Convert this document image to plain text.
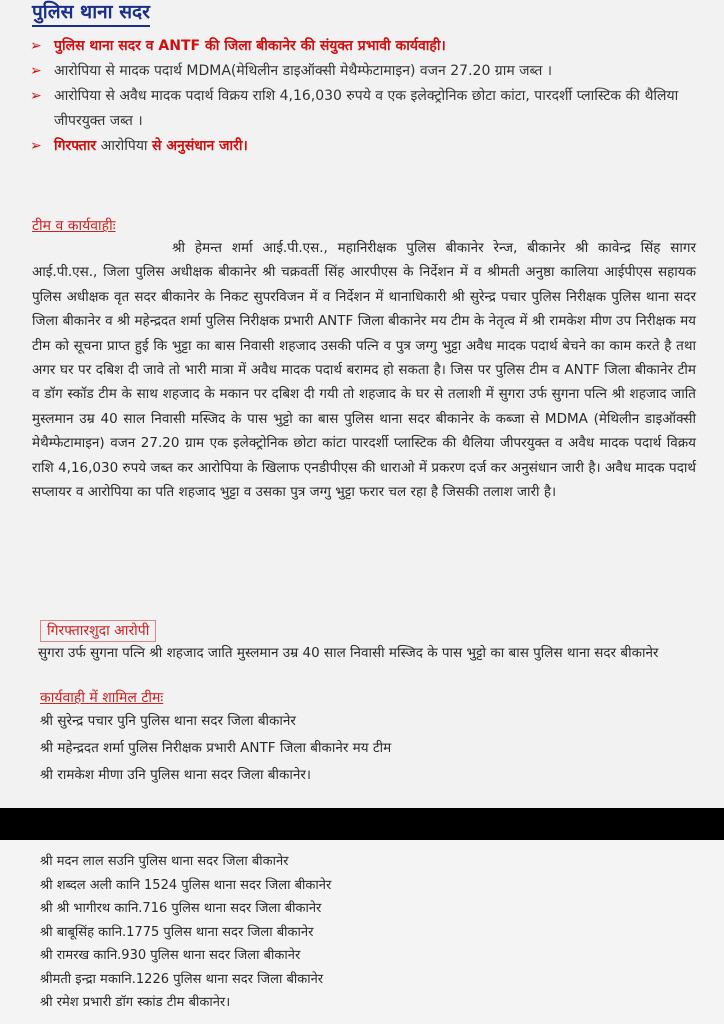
पुलिस थाना सदर
➢ पुलिस थाना सदर व ANTF की जिला बीकानेर की संयुक्त प्रभावी कार्यवाही।
➢ आरोपिया से मादक पदार्थ MDMA(मेथिलीन डाइऑक्सी मेथैम्फेटामाइन) वजन 27.20 ग्राम जब्त ।
➢ आरोपिया से अवैध मादक पदार्थ विक्रय राशि 4,16,030 रुपये व एक इलेक्ट्रोनिक छोटा कांटा, पारदर्शी प्लास्टिक की थैलिया जीपरयुक्त जब्त ।
➢ गिरफ्तार आरोपिया से अनुसंधान जारी।

टीम व कार्यवाहीः

श्री हेमन्त शर्मा आई.पी.एस., महानिरीक्षक पुलिस बीकानेर रेन्ज, बीकानेर श्री कावेन्द्र सिंह सागर आई.पी.एस., जिला पुलिस अधीक्षक बीकानेर श्री चक्रवर्ती सिंह आरपीएस के निर्देशन में व श्रीमती अनुष्ठा कालिया आईपीएस सहायक पुलिस अधीक्षक वृत सदर बीकानेर के निकट सुपरविजन में व निर्देशन में थानाधिकारी श्री सुरेन्द्र पचार पुलिस निरीक्षक पुलिस थाना सदर जिला बीकानेर व श्री महेन्द्रदत शर्मा पुलिस निरीक्षक प्रभारी ANTF जिला बीकानेर मय टीम के नेतृत्व में श्री रामकेश मीण उप निरीक्षक मय टीम को सूचना प्राप्त हुई कि भुट्टा का बास निवासी शहजाद उसकी पत्नि व पुत्र जग्गु भुट्टा अवैध मादक पदार्थ बेचने का काम करते है तथा अगर घर पर दबिश दी जावे तो भारी मात्रा में अवैध मादक पदार्थ बरामद हो सकता है। जिस पर पुलिस टीम व ANTF जिला बीकानेर टीम व डॉग स्कॉड टीम के साथ शहजाद के मकान पर दबिश दी गयी तो शहजाद के घर से तलाशी में सुगरा उर्फ सुगना पत्नि श्री शहजाद जाति मुस्लमान उम्र 40 साल निवासी मस्जिद के पास भुट्टो का बास पुलिस थाना सदर बीकानेर के कब्जा से MDMA (मेथिलीन डाइऑक्सी मेथैम्फेटामाइन) वजन 27.20 ग्राम एक इलेक्ट्रोनिक छोटा कांटा पारदर्शी प्लास्टिक की थैलिया जीपरयुक्त व अवैध मादक पदार्थ विक्रय राशि 4,16,030 रुपये जब्त कर आरोपिया के खिलाफ एनडीपीएस की धाराओ में प्रकरण दर्ज कर अनुसंधान जारी है। अवैध मादक पदार्थ सप्लायर व आरोपिया का पति शहजाद भुट्टा व उसका पुत्र जग्गु भुट्टा फरार चल रहा है जिसकी तलाश जारी है।

गिरफ्तारशुदा आरोपी

सुगरा उर्फ सुगना पत्नि श्री शहजाद जाति मुस्लमान उम्र 40 साल निवासी मस्जिद के पास भुट्टो का बास पुलिस थाना सदर बीकानेर

कार्यवाही में शामिल टीमः

श्री सुरेन्द्र पचार पुनि पुलिस थाना सदर जिला बीकानेर
श्री महेन्द्रदत शर्मा पुलिस निरीक्षक प्रभारी ANTF जिला बीकानेर मय टीम
श्री रामकेश मीणा उनि पुलिस थाना सदर जिला बीकानेर।
श्री मदन लाल सउनि पुलिस थाना सदर जिला बीकानेर
श्री शब्दल अली कानि 1524 पुलिस थाना सदर जिला बीकानेर
श्री श्री भागीरथ कानि.716 पुलिस थाना सदर जिला बीकानेर
श्री बाबूसिंह कानि.1775 पुलिस थाना सदर जिला बीकानेर
श्री रामरख कानि.930 पुलिस थाना सदर जिला बीकानेर
श्रीमती इन्द्रा मकानि.1226 पुलिस थाना सदर जिला बीकानेर
श्री रमेश प्रभारी डॉग स्कांड टीम बीकानेर।
